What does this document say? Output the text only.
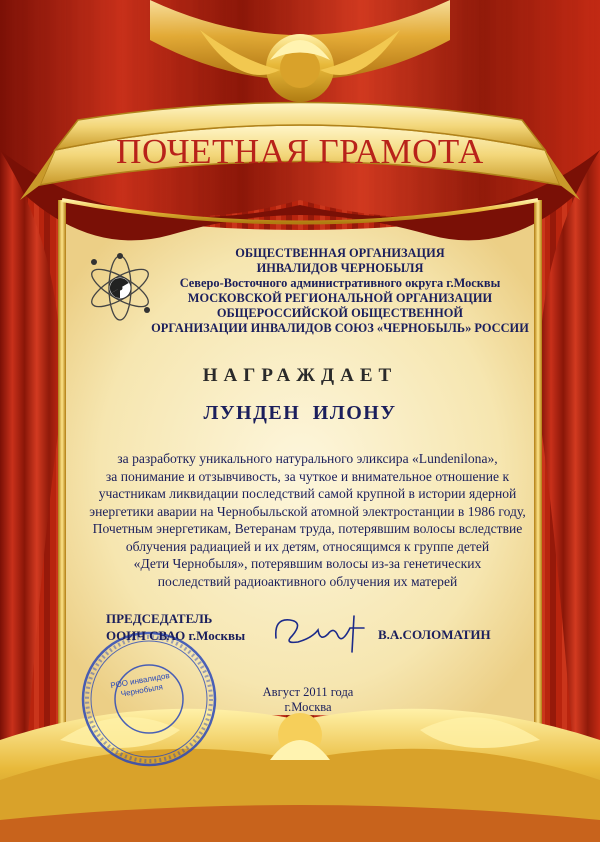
ПОЧЕТНАЯ ГРАМОТА
ОБЩЕСТВЕННАЯ ОРГАНИЗАЦИЯ
ИНВАЛИДОВ ЧЕРНОБЫЛЯ
Северо-Восточного административного округа г.Москвы
МОСКОВСКОЙ РЕГИОНАЛЬНОЙ ОРГАНИЗАЦИИ
ОБЩЕРОССИЙСКОЙ ОБЩЕСТВЕННОЙ
ОРГАНИЗАЦИИ ИНВАЛИДОВ СОЮЗ «ЧЕРНОБЫЛЬ» РОССИИ
НАГРАЖДАЕТ
ЛУНДЕН ИЛОНУ
за разработку уникального натурального эликсира «Lundenilona»,
за понимание и отзывчивость, за чуткое и внимательное отношение к
участникам ликвидации последствий самой крупной в истории ядерной
энергетики аварии на Чернобыльской атомной электростанции в 1986 году,
Почетным энергетикам, Ветеранам труда, потерявшим волосы вследствие
облучения радиацией и их детям, относящимся к группе детей
«Дети Чернобыля», потерявшим волосы из-за генетических
последствий радиоактивного облучения их матерей
РОО инвалидов Чернобыля
ПРЕДСЕДАТЕЛЬ
ООИЧ СВАО г.Москвы	В.А.СОЛОМАТИН
Август 2011 года
г.Москва
